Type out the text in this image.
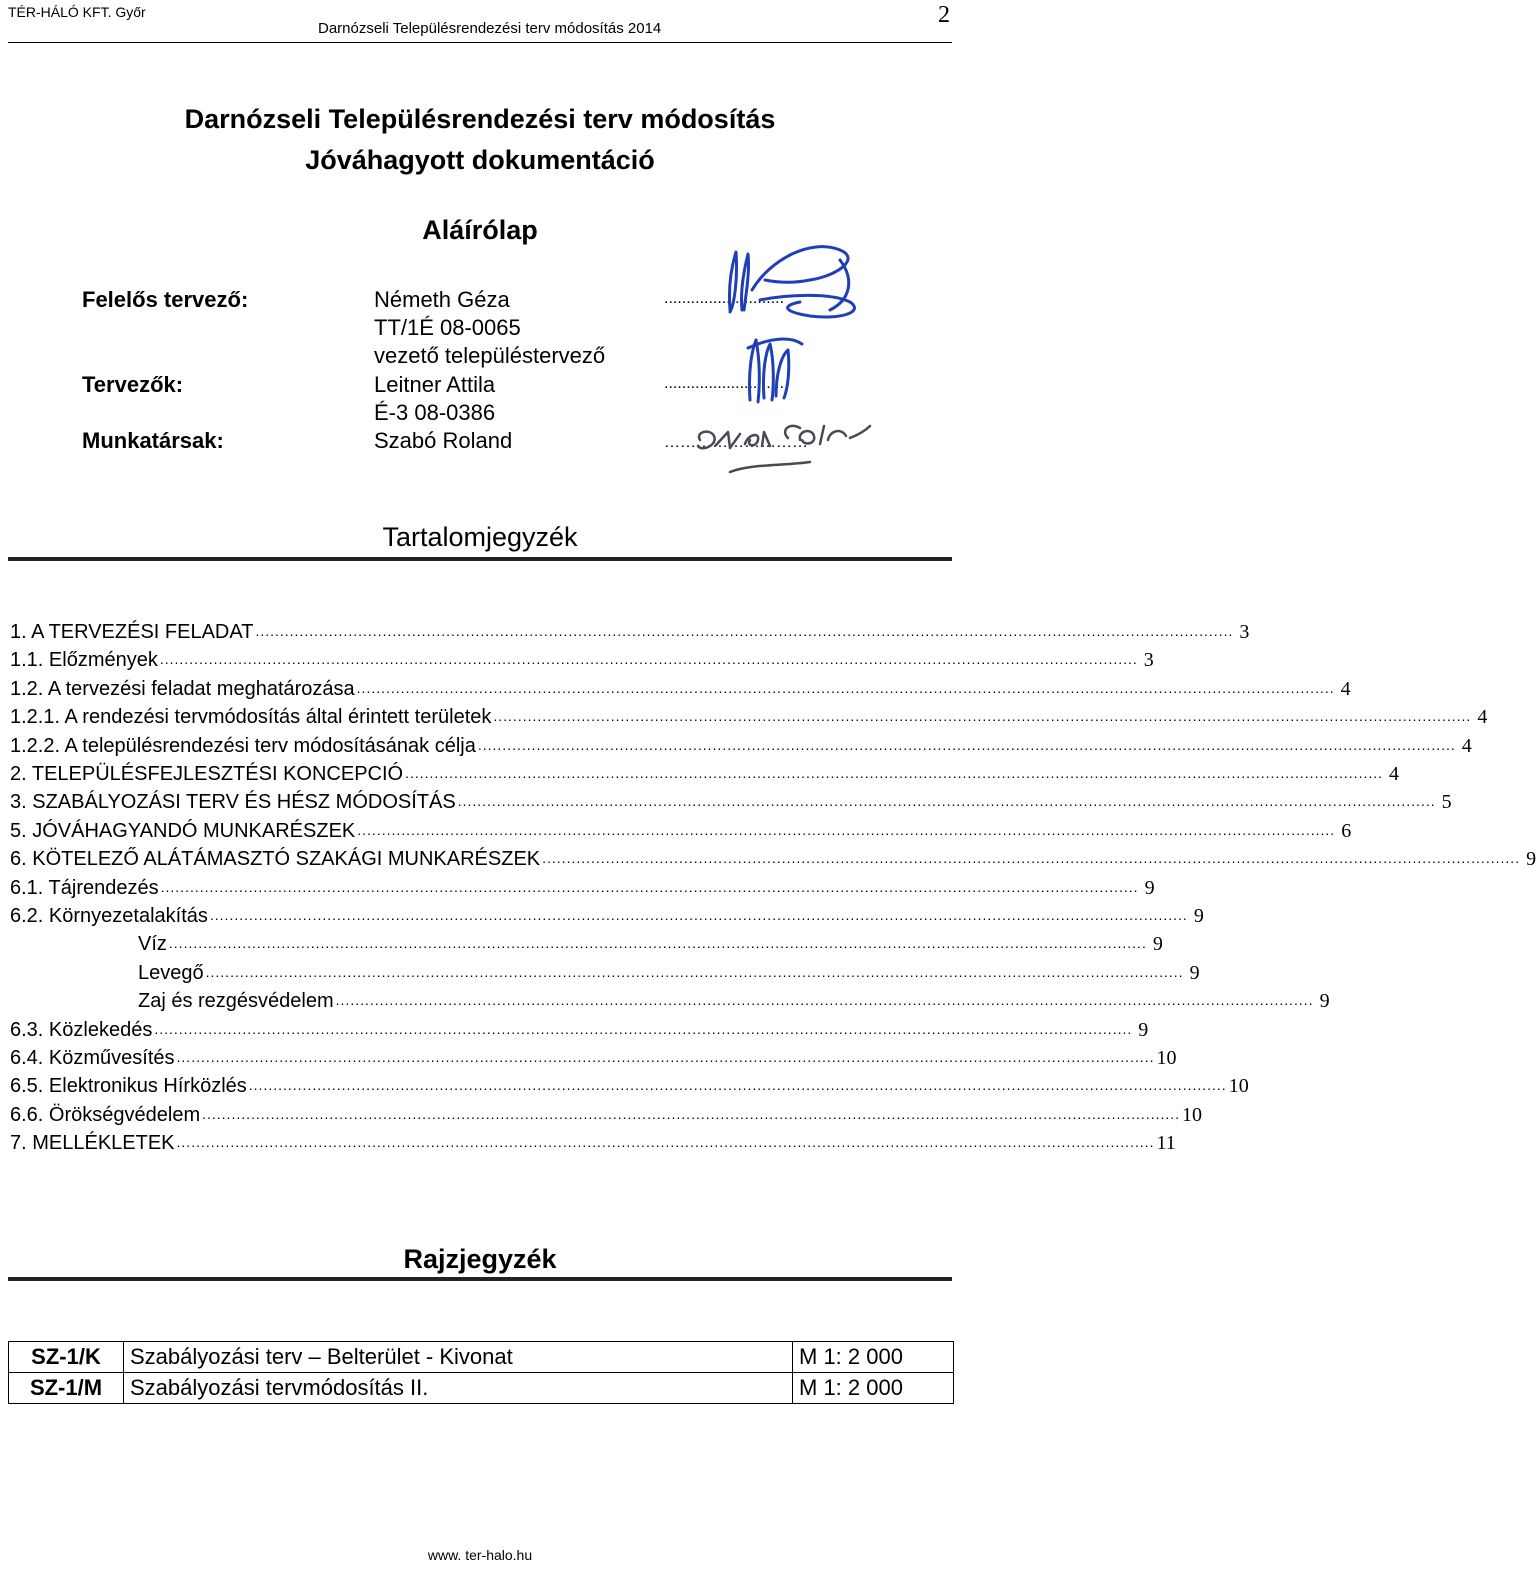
TÉR-HÁLÓ KFT. Győr
Darnózseli Településrendezési terv módosítás 2014
2
Darnózseli Településrendezési terv módosítás
Jóváhagyott dokumentáció
Aláírólap
Felelős tervező:	Németh Géza
TT/1É 08-0065
vezető településtervező
Tervezők:	Leitner Attila
É-3 08-0386
Munkatársak:	Szabó Roland
...........................
...........................
………………………
Tartalomjegyzék
1. A TERVEZÉSI FELADAT ........................................................................................................................................................................................................ 3
1.1. Előzmények ........................................................................................................................................................................................................ 3
1.2. A tervezési feladat meghatározása ........................................................................................................................................................................................................ 4
1.2.1. A rendezési tervmódosítás által érintett területek ........................................................................................................................................................................................................ 4
1.2.2. A településrendezési terv módosításának célja ........................................................................................................................................................................................................ 4
2. TELEPÜLÉSFEJLESZTÉSI KONCEPCIÓ ........................................................................................................................................................................................................ 4
3. SZABÁLYOZÁSI TERV ÉS HÉSZ MÓDOSÍTÁS ........................................................................................................................................................................................................ 5
5. JÓVÁHAGYANDÓ MUNKARÉSZEK ........................................................................................................................................................................................................ 6
6. KÖTELEZŐ ALÁTÁMASZTÓ SZAKÁGI MUNKARÉSZEK ........................................................................................................................................................................................................ 9
6.1. Tájrendezés ........................................................................................................................................................................................................ 9
6.2. Környezetalakítás ........................................................................................................................................................................................................ 9
Víz ........................................................................................................................................................................................................ 9
Levegő ........................................................................................................................................................................................................ 9
Zaj és rezgésvédelem ........................................................................................................................................................................................................ 9
6.3. Közlekedés ........................................................................................................................................................................................................ 9
6.4. Közművesítés ........................................................................................................................................................................................................ 10
6.5. Elektronikus Hírközlés ........................................................................................................................................................................................................ 10
6.6. Örökségvédelem ........................................................................................................................................................................................................ 10
7. MELLÉKLETEK ........................................................................................................................................................................................................ 11
Rajzjegyzék
SZ-1/K	Szabályozási terv – Belterület - Kivonat	M 1: 2 000
SZ-1/M	Szabályozási tervmódosítás II.	M 1: 2 000
www. ter-halo.hu
